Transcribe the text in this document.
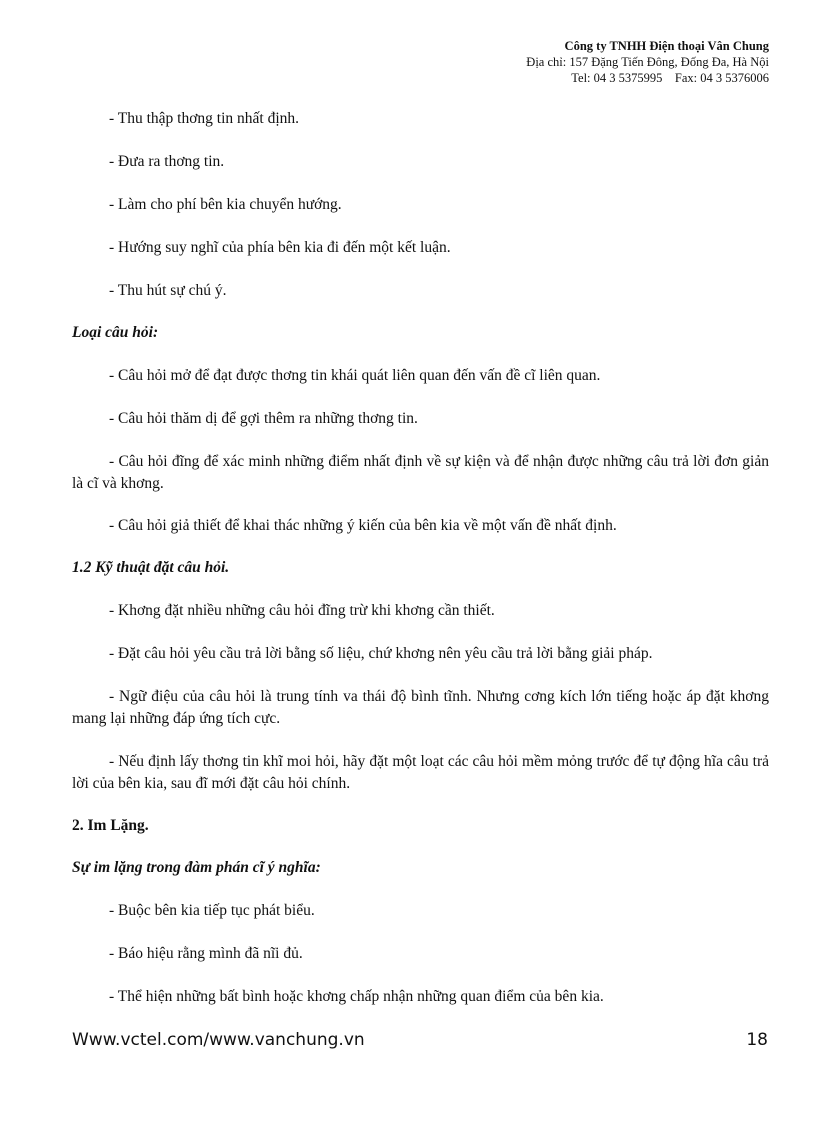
Công ty TNHH Điện thoại Vân Chung
Địa chỉ: 157 Đặng Tiến Đông, Đống Đa, Hà Nội
Tel: 04 3 5375995    Fax: 04 3 5376006

- Thu thập thơng tin nhất định.

- Đưa ra thơng tin.

- Làm cho phí bên kia chuyển hướng.

- Hướng suy nghĩ của phía bên kia đi đến một kết luận.

- Thu hút sự chú ý.

Loại câu hỏi:

- Câu hỏi mở để đạt được thơng tin khái quát liên quan đến vấn đề cĩ liên quan.

- Câu hỏi thăm dị để gợi thêm ra những thơng tin.

- Câu hỏi đĩng để xác minh những điểm nhất định về sự kiện và để nhận được những câu trả lời đơn giản là cĩ và khơng.

- Câu hỏi giả thiết để khai thác những ý kiến của bên kia về một vấn đề nhất định.

1.2 Kỹ thuật đặt câu hỏi.

- Khơng đặt nhiều những câu hỏi đĩng trừ khi khơng cần thiết.

- Đặt câu hỏi yêu cầu trả lời bằng số liệu, chứ khơng nên yêu cầu trả lời bằng giải pháp.

- Ngữ điệu của câu hỏi là trung tính va thái độ bình tĩnh. Nhưng cơng kích lớn tiếng hoặc áp đặt khơng mang lại những đáp ứng tích cực.

- Nếu định lấy thơng tin khĩ moi hỏi, hãy đặt một loạt các câu hỏi mềm mỏng trước để tự động hĩa câu trả lời của bên kia, sau đĩ mới đặt câu hỏi chính.

2. Im Lặng.

Sự im lặng trong đàm phán cĩ ý nghĩa:

- Buộc bên kia tiếp tục phát biểu.

- Báo hiệu rằng mình đã nĩi đủ.

- Thể hiện những bất bình hoặc khơng chấp nhận những quan điểm của bên kia.

Www.vctel.com/www.vanchung.vn	18
